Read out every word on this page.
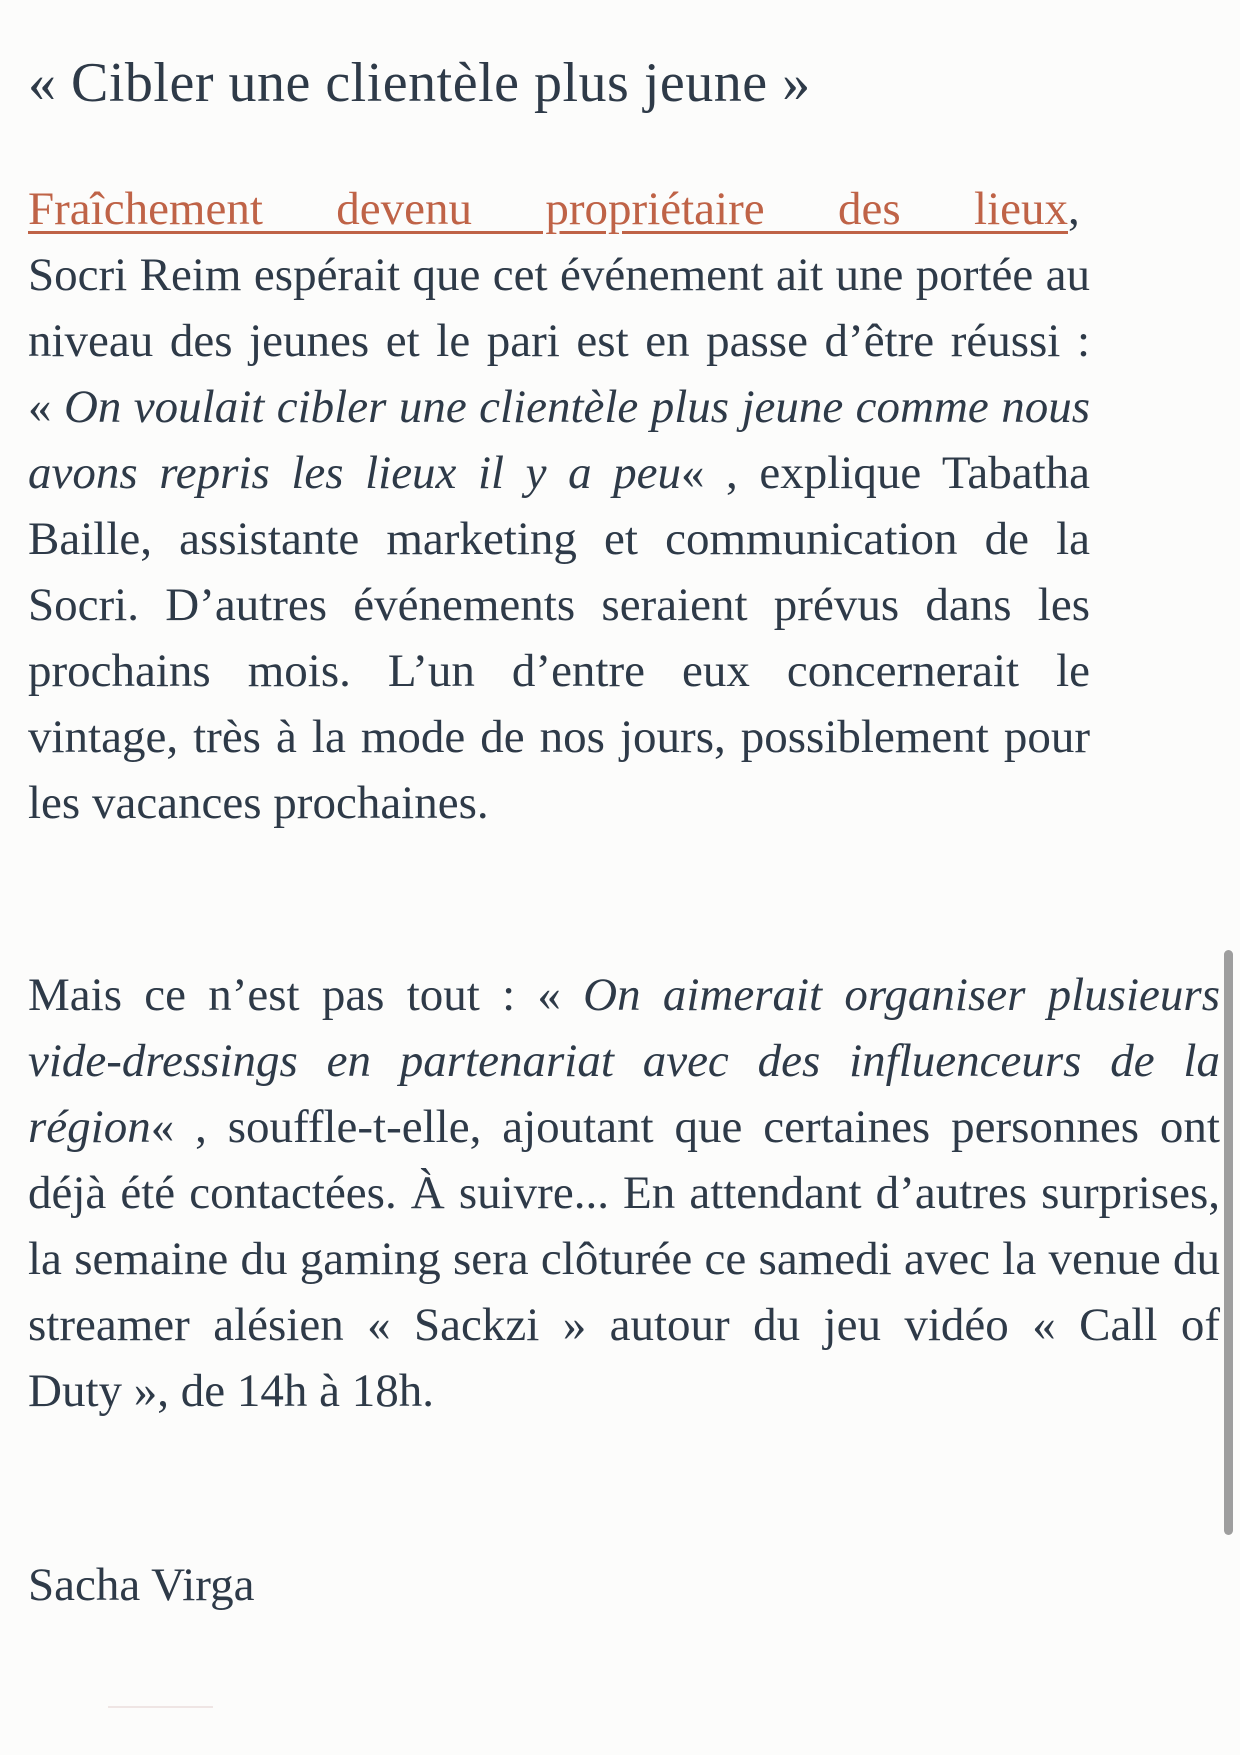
« Cibler une clientèle plus jeune »

Fraîchement devenu propriétaire des lieux, Socri Reim espérait que cet événement ait une portée au niveau des jeunes et le pari est en passe d’être réussi : « On voulait cibler une clientèle plus jeune comme nous avons repris les lieux il y a peu« , explique Tabatha Baille, assistante marketing et communication de la Socri. D’autres événements seraient prévus dans les prochains mois. L’un d’entre eux concernerait le vintage, très à la mode de nos jours, possiblement pour les vacances prochaines.

Mais ce n’est pas tout : « On aimerait organiser plusieurs vide-dressings en partenariat avec des influenceurs de la région« , souffle-t-elle, ajoutant que certaines personnes ont déjà été contactées. À suivre... En attendant d’autres surprises, la semaine du gaming sera clôturée ce samedi avec la venue du streamer alésien « Sackzi » autour du jeu vidéo « Call of Duty », de 14h à 18h.

Sacha Virga
